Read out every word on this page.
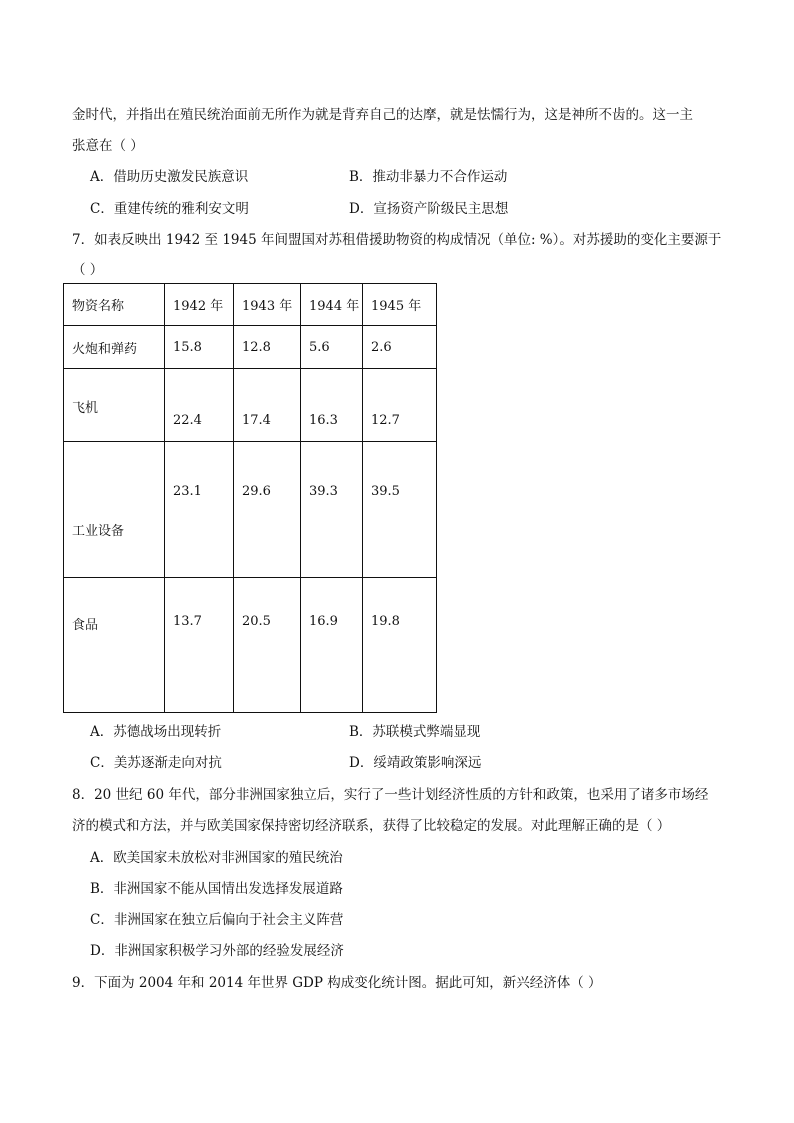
金时代，并指出在殖民统治面前无所作为就是背弃自己的达摩，就是怯懦行为，这是神所不齿的。这一主
张意在（ ）
A．借助历史激发民族意识	B．推动非暴力不合作运动
C．重建传统的雅利安文明	D．宣扬资产阶级民主思想
7．如表反映出 1942 至 1945 年间盟国对苏租借援助物资的构成情况（单位: %）。对苏援助的变化主要源于
（ ）
物资名称	1942 年	1943 年	1944 年	1945 年
火炮和弹药	15.8	12.8	5.6	2.6
飞机	22.4	17.4	16.3	12.7
工业设备	23.1	29.6	39.3	39.5
食品	13.7	20.5	16.9	19.8
A．苏德战场出现转折	B．苏联模式弊端显现
C．美苏逐渐走向对抗	D．绥靖政策影响深远
8．20 世纪 60 年代，部分非洲国家独立后，实行了一些计划经济性质的方针和政策，也采用了诸多市场经
济的模式和方法，并与欧美国家保持密切经济联系，获得了比较稳定的发展。对此理解正确的是（ ）
A．欧美国家未放松对非洲国家的殖民统治
B．非洲国家不能从国情出发选择发展道路
C．非洲国家在独立后偏向于社会主义阵营
D．非洲国家积极学习外部的经验发展经济
9．下面为 2004 年和 2014 年世界 GDP 构成变化统计图。据此可知，新兴经济体（ ）
